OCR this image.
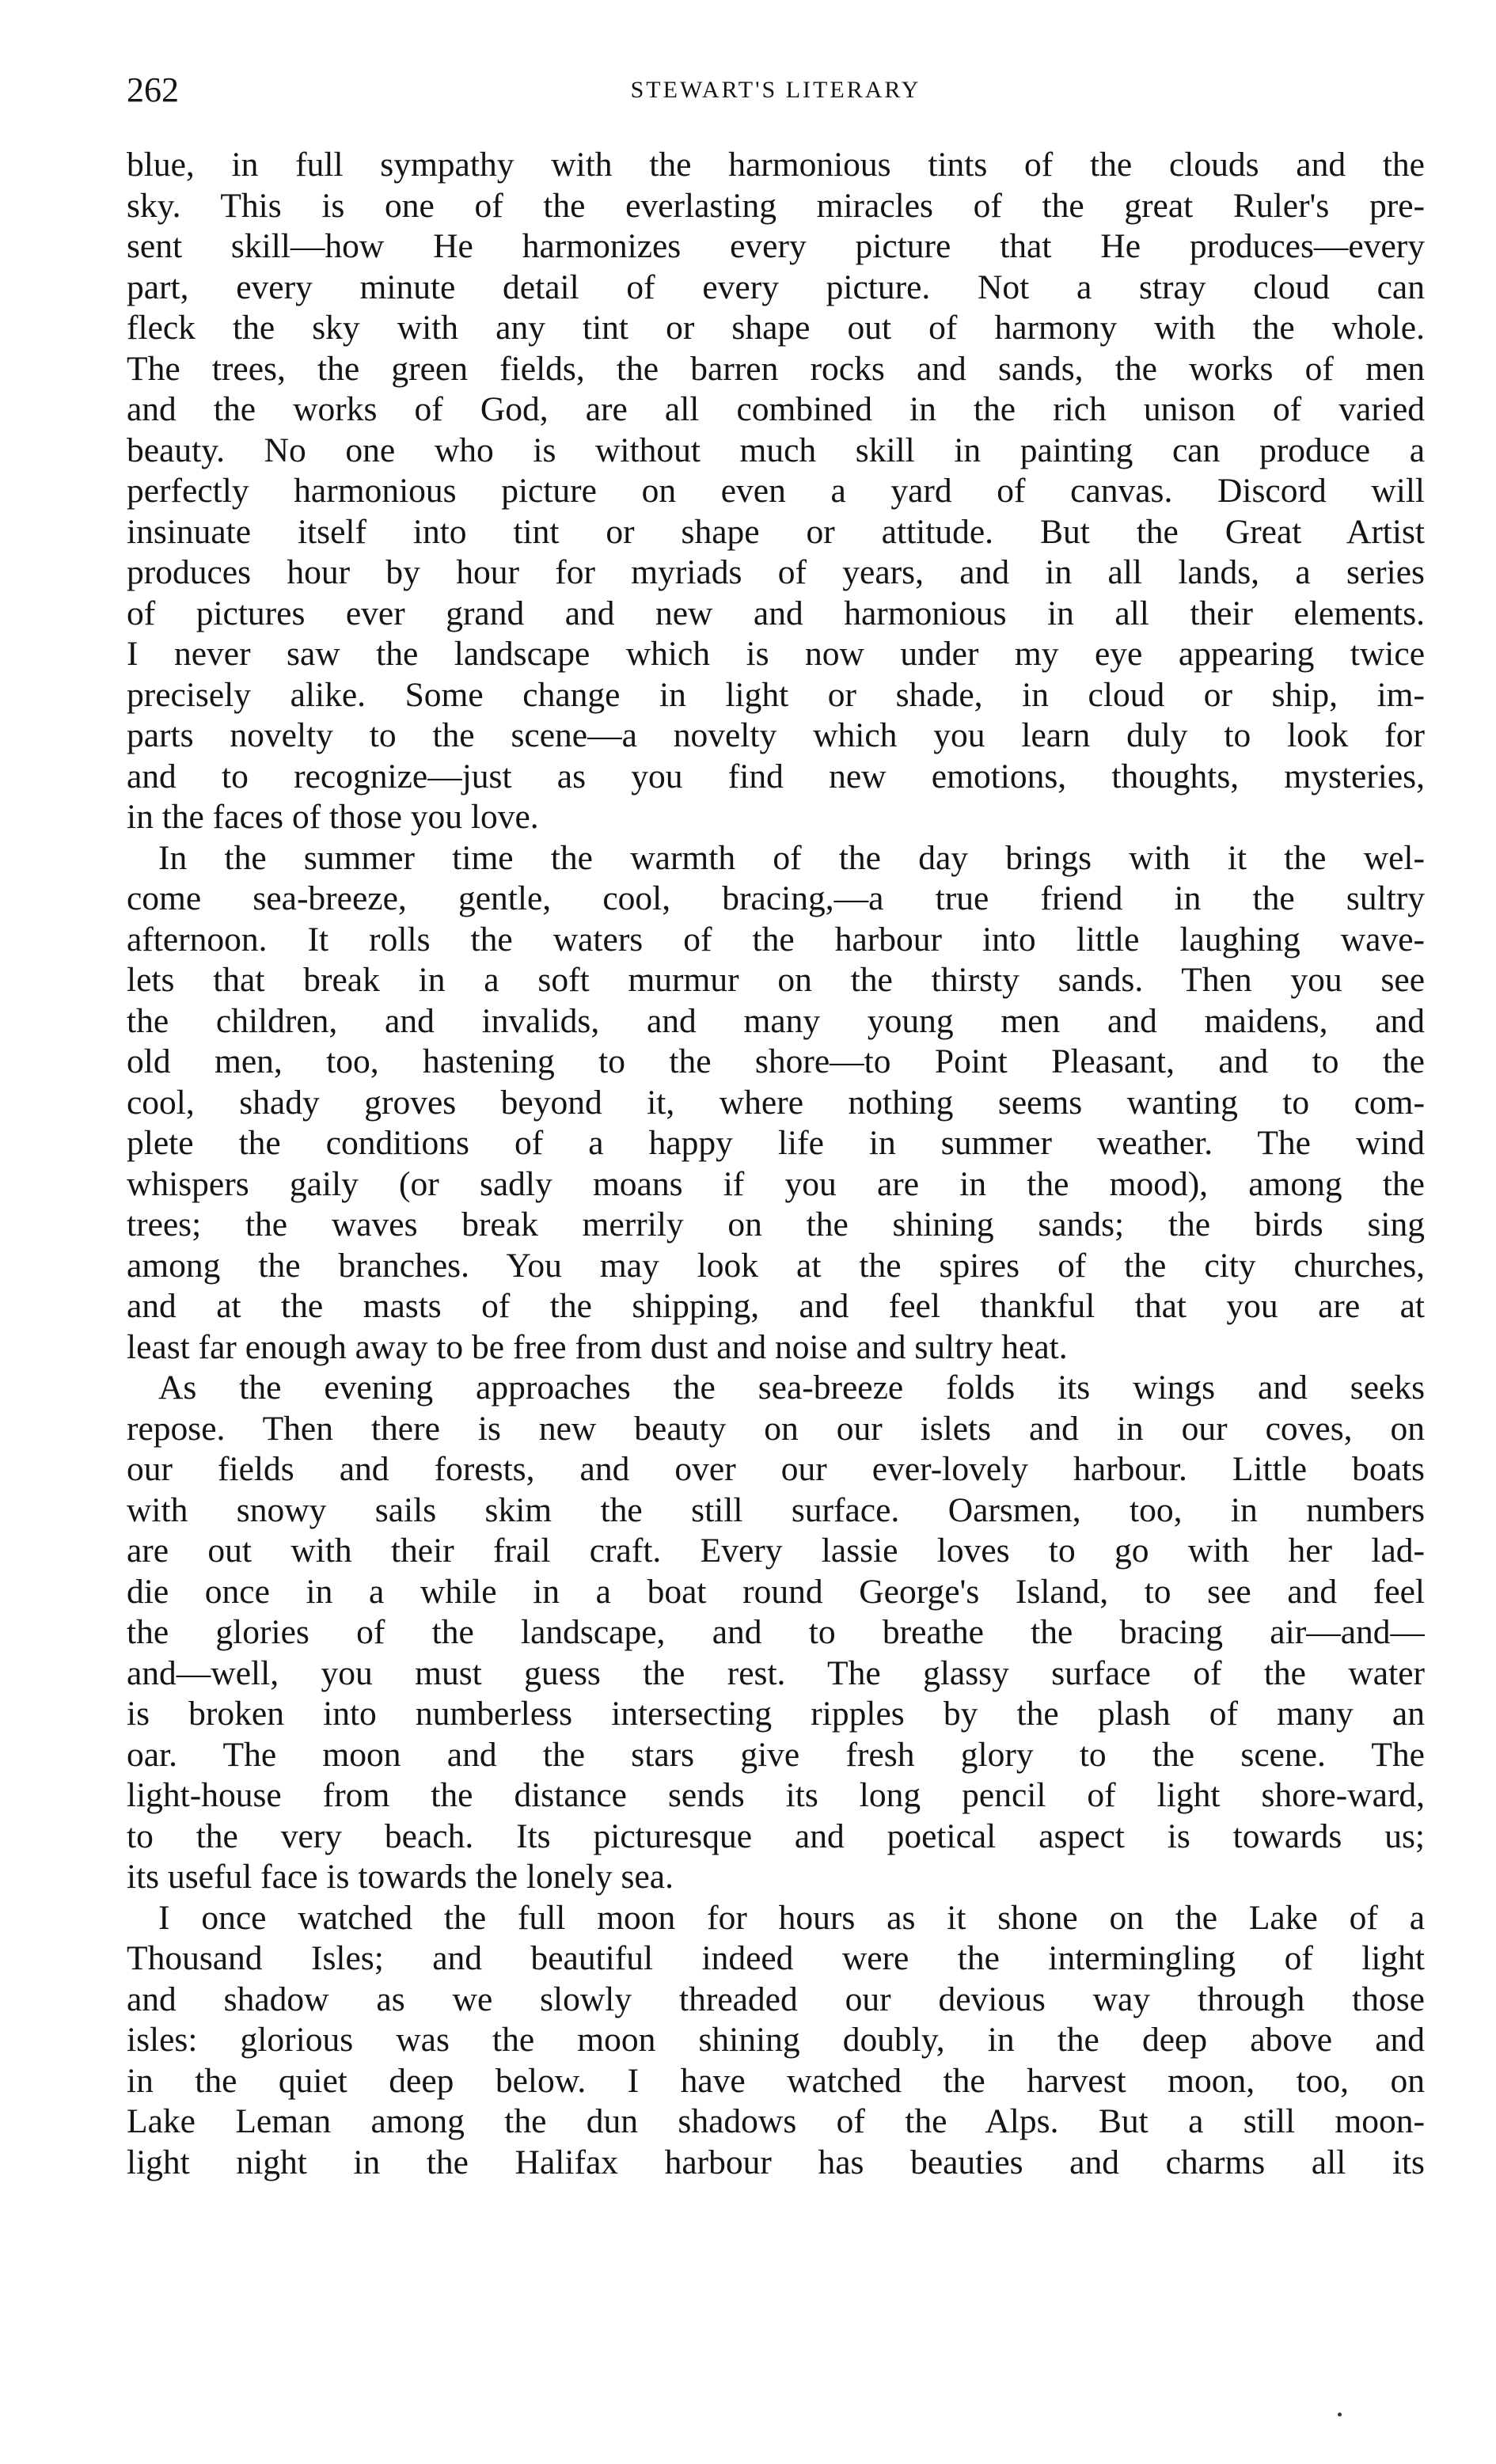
262	STEWART'S LITERARY
blue, in full sympathy with the harmonious tints of the clouds and the
sky. This is one of the everlasting miracles of the great Ruler's pre-
sent skill—how He harmonizes every picture that He produces—every
part, every minute detail of every picture. Not a stray cloud can
fleck the sky with any tint or shape out of harmony with the whole.
The trees, the green fields, the barren rocks and sands, the works of men
and the works of God, are all combined in the rich unison of varied
beauty. No one who is without much skill in painting can produce a
perfectly harmonious picture on even a yard of canvas. Discord will
insinuate itself into tint or shape or attitude. But the Great Artist
produces hour by hour for myriads of years, and in all lands, a series
of pictures ever grand and new and harmonious in all their elements.
I never saw the landscape which is now under my eye appearing twice
precisely alike. Some change in light or shade, in cloud or ship, im-
parts novelty to the scene—a novelty which you learn duly to look for
and to recognize—just as you find new emotions, thoughts, mysteries,
in the faces of those you love.
In the summer time the warmth of the day brings with it the wel-
come sea-breeze, gentle, cool, bracing,—a true friend in the sultry
afternoon. It rolls the waters of the harbour into little laughing wave-
lets that break in a soft murmur on the thirsty sands. Then you see
the children, and invalids, and many young men and maidens, and
old men, too, hastening to the shore—to Point Pleasant, and to the
cool, shady groves beyond it, where nothing seems wanting to com-
plete the conditions of a happy life in summer weather. The wind
whispers gaily (or sadly moans if you are in the mood), among the
trees; the waves break merrily on the shining sands; the birds sing
among the branches. You may look at the spires of the city churches,
and at the masts of the shipping, and feel thankful that you are at
least far enough away to be free from dust and noise and sultry heat.
As the evening approaches the sea-breeze folds its wings and seeks
repose. Then there is new beauty on our islets and in our coves, on
our fields and forests, and over our ever-lovely harbour. Little boats
with snowy sails skim the still surface. Oarsmen, too, in numbers
are out with their frail craft. Every lassie loves to go with her lad-
die once in a while in a boat round George's Island, to see and feel
the glories of the landscape, and to breathe the bracing air—and—
and—well, you must guess the rest. The glassy surface of the water
is broken into numberless intersecting ripples by the plash of many an
oar. The moon and the stars give fresh glory to the scene. The
light-house from the distance sends its long pencil of light shore-ward,
to the very beach. Its picturesque and poetical aspect is towards us;
its useful face is towards the lonely sea.
I once watched the full moon for hours as it shone on the Lake of a
Thousand Isles; and beautiful indeed were the intermingling of light
and shadow as we slowly threaded our devious way through those
isles: glorious was the moon shining doubly, in the deep above and
in the quiet deep below. I have watched the harvest moon, too, on
Lake Leman among the dun shadows of the Alps. But a still moon-
light night in the Halifax harbour has beauties and charms all its
